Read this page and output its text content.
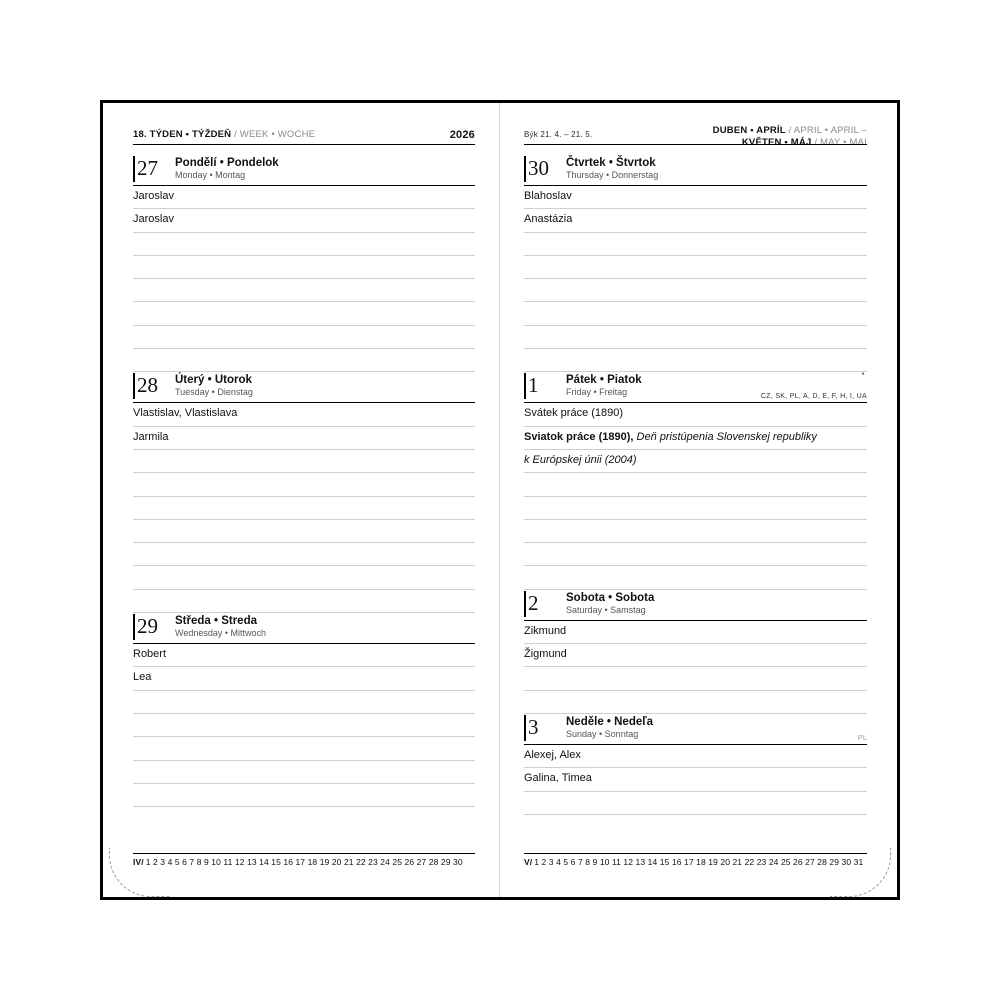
18. TÝDEN • TÝŽDEŇ / WEEK • WOCHE	2026
27 Pondělí • Pondelok
Monday • Montag
Jaroslav
Jaroslav
28 Úterý • Utorok
Tuesday • Dienstag
Vlastislav, Vlastislava
Jarmila
29 Středa • Streda
Wednesday • Mittwoch
Robert
Lea
IV/ 1 2 3 4 5 6 7 8 9 10 11 12 13 14 15 16 17 18 19 20 21 22 23 24 25 26 27 28 29 30
Býk 21. 4. – 21. 5.	DUBEN • APRÍL / APRIL • APRIL –
KVĚTEN • MÁJ / MAY • MAI
30 Čtvrtek • Štvrtok
Thursday • Donnerstag
Blahoslav
Anastázia
1 Pátek • Piatok
Friday • Freitag
◔
CZ, SK, PL, A, D, E, F, H, I, UA
Svátek práce (1890)
Sviatok práce (1890), Deň pristúpenia Slovenskej republiky
k Európskej únii (2004)
2 Sobota • Sobota
Saturday • Samstag
Zikmund
Žigmund
3 Neděle • Nedeľa
Sunday • Sonntag	PL
Alexej, Alex
Galina, Timea
V/ 1 2 3 4 5 6 7 8 9 10 11 12 13 14 15 16 17 18 19 20 21 22 23 24 25 26 27 28 29 30 31
